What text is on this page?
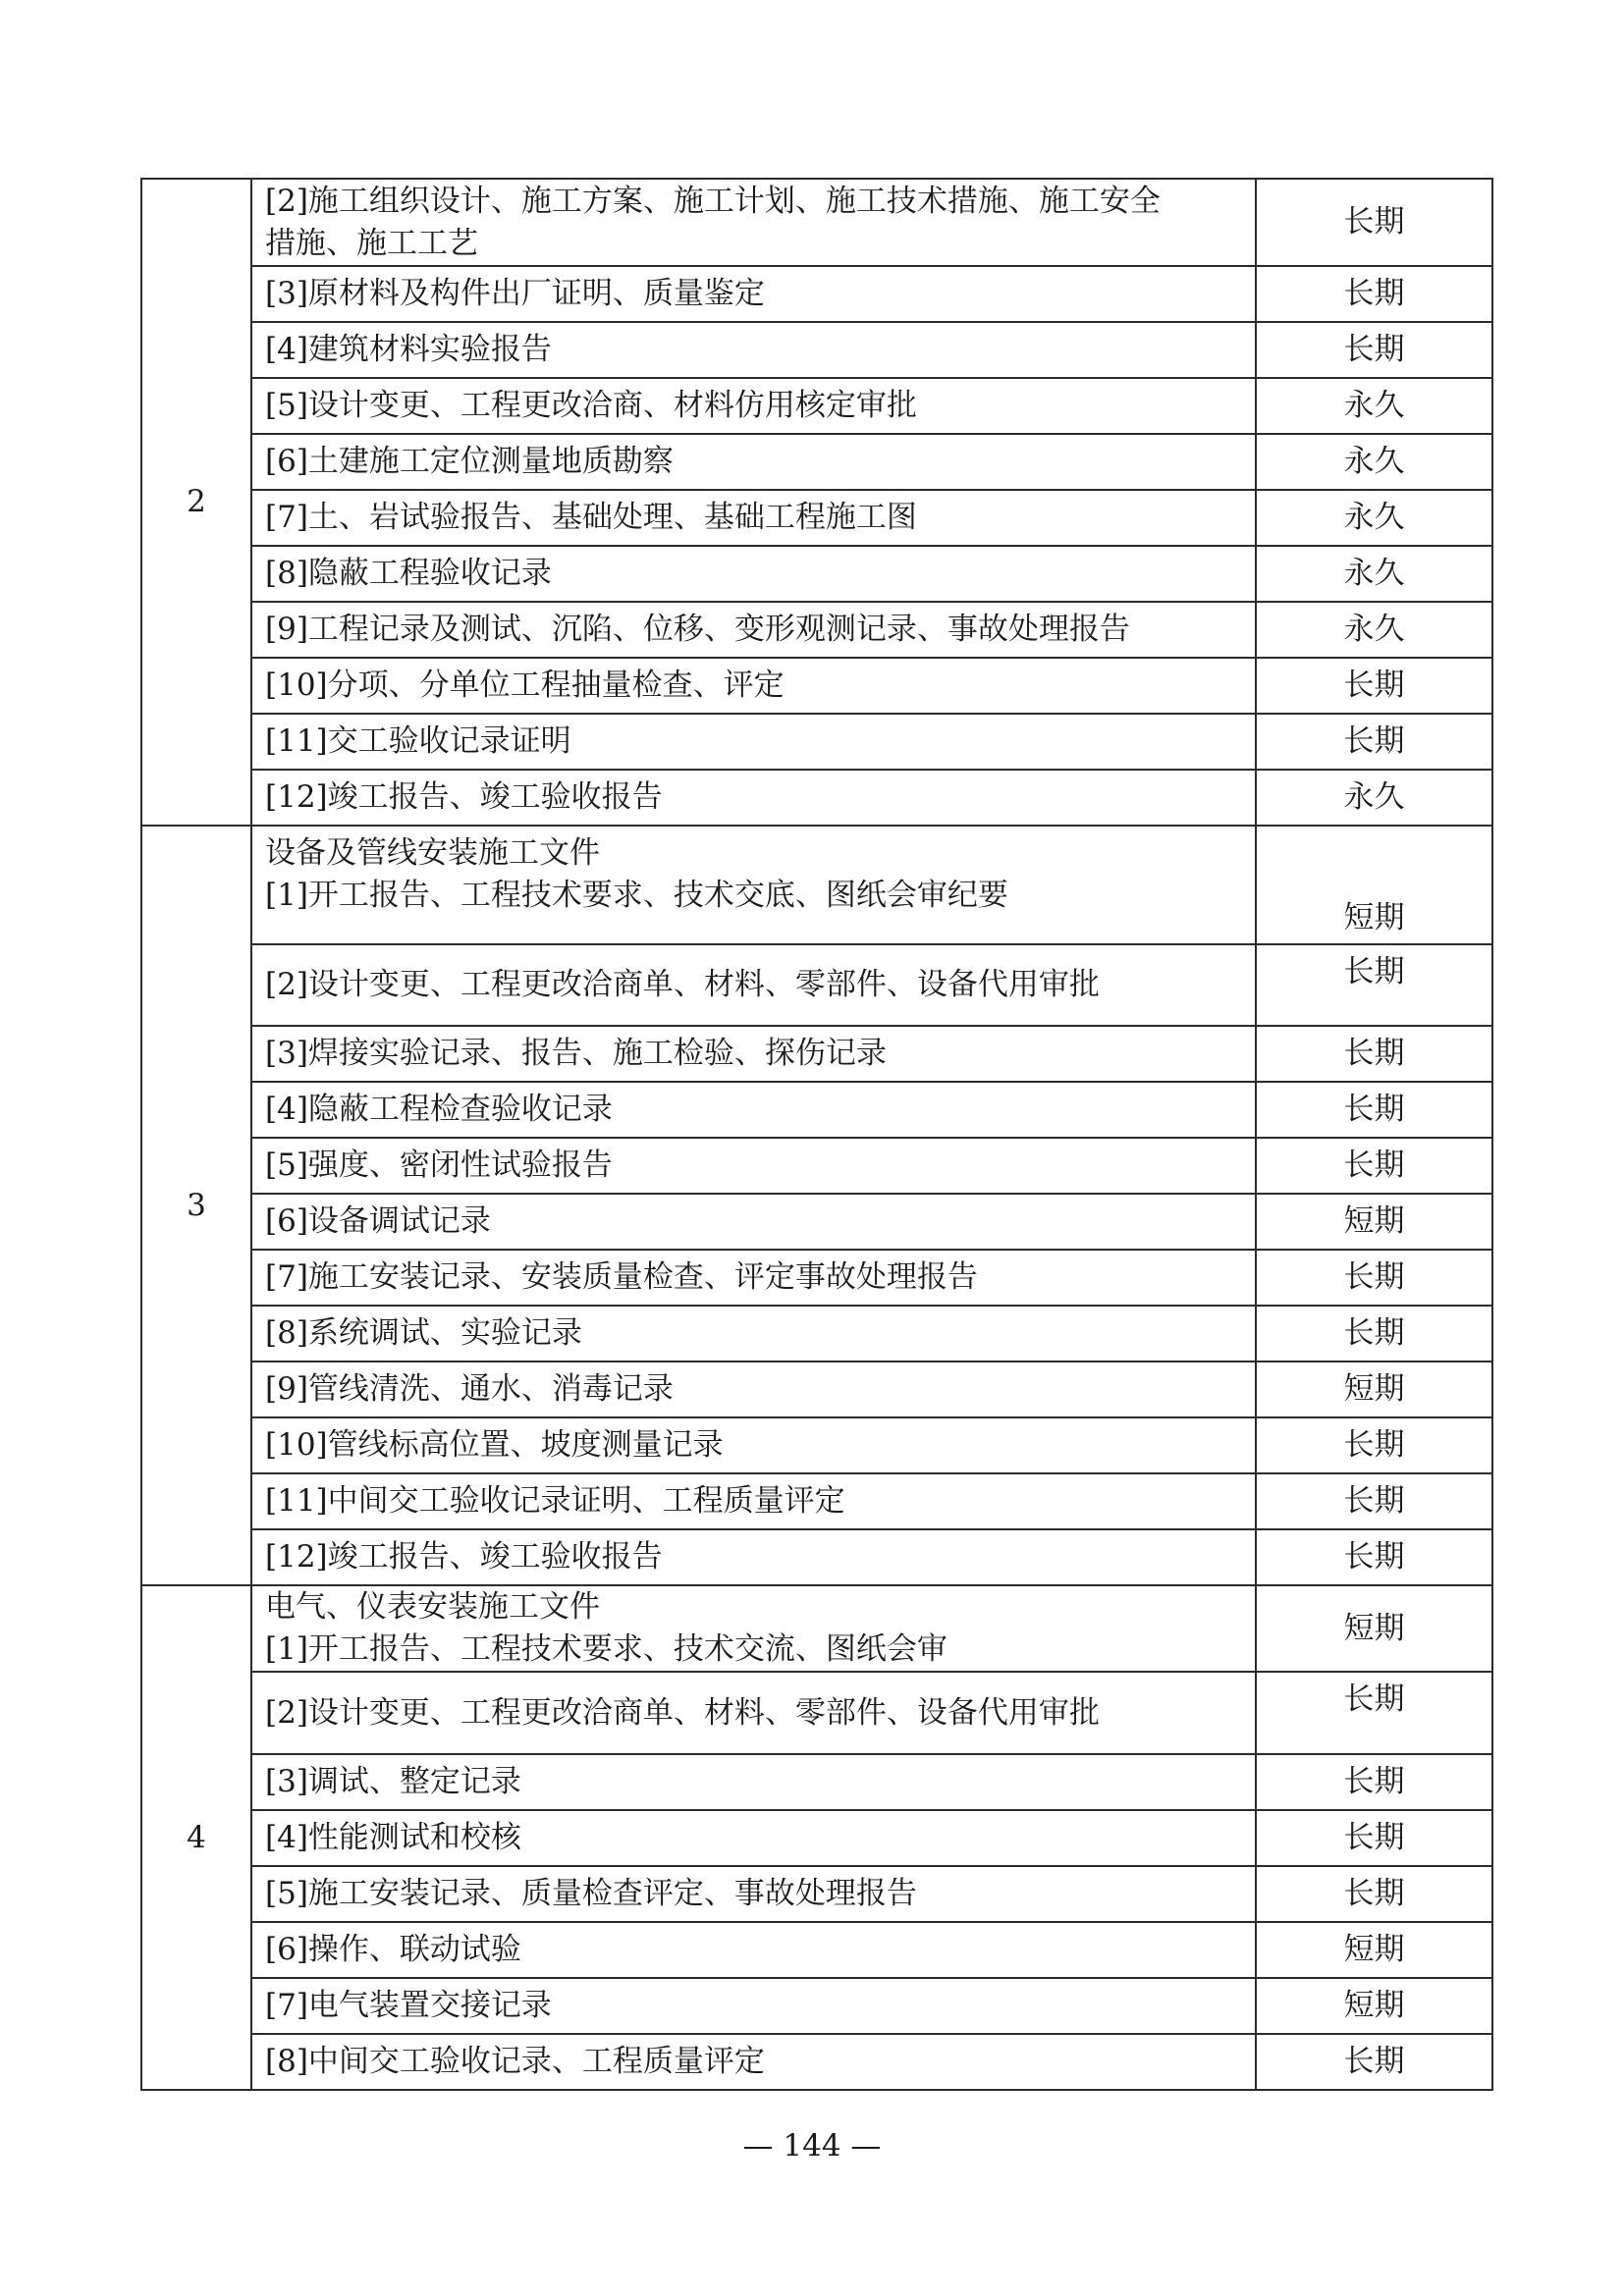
2	[2]施工组织设计、施工方案、施工计划、施工技术措施、施工安全
措施、施工工艺	长期
	[3]原材料及构件出厂证明、质量鉴定	长期
	[4]建筑材料实验报告	长期
	[5]设计变更、工程更改洽商、材料仿用核定审批	永久
	[6]土建施工定位测量地质勘察	永久
	[7]土、岩试验报告、基础处理、基础工程施工图	永久
	[8]隐蔽工程验收记录	永久
	[9]工程记录及测试、沉陷、位移、变形观测记录、事故处理报告	永久
	[10]分项、分单位工程抽量检查、评定	长期
	[11]交工验收记录证明	长期
	[12]竣工报告、竣工验收报告	永久
3	设备及管线安装施工文件
[1]开工报告、工程技术要求、技术交底、图纸会审纪要	短期
	[2]设计变更、工程更改洽商单、材料、零部件、设备代用审批	长期
	[3]焊接实验记录、报告、施工检验、探伤记录	长期
	[4]隐蔽工程检查验收记录	长期
	[5]强度、密闭性试验报告	长期
	[6]设备调试记录	短期
	[7]施工安装记录、安装质量检查、评定事故处理报告	长期
	[8]系统调试、实验记录	长期
	[9]管线清洗、通水、消毒记录	短期
	[10]管线标高位置、坡度测量记录	长期
	[11]中间交工验收记录证明、工程质量评定	长期
	[12]竣工报告、竣工验收报告	长期
4	电气、仪表安装施工文件
[1]开工报告、工程技术要求、技术交流、图纸会审	短期
	[2]设计变更、工程更改洽商单、材料、零部件、设备代用审批	长期
	[3]调试、整定记录	长期
	[4]性能测试和校核	长期
	[5]施工安装记录、质量检查评定、事故处理报告	长期
	[6]操作、联动试验	短期
	[7]电气装置交接记录	短期
	[8]中间交工验收记录、工程质量评定	长期
— 144 —
